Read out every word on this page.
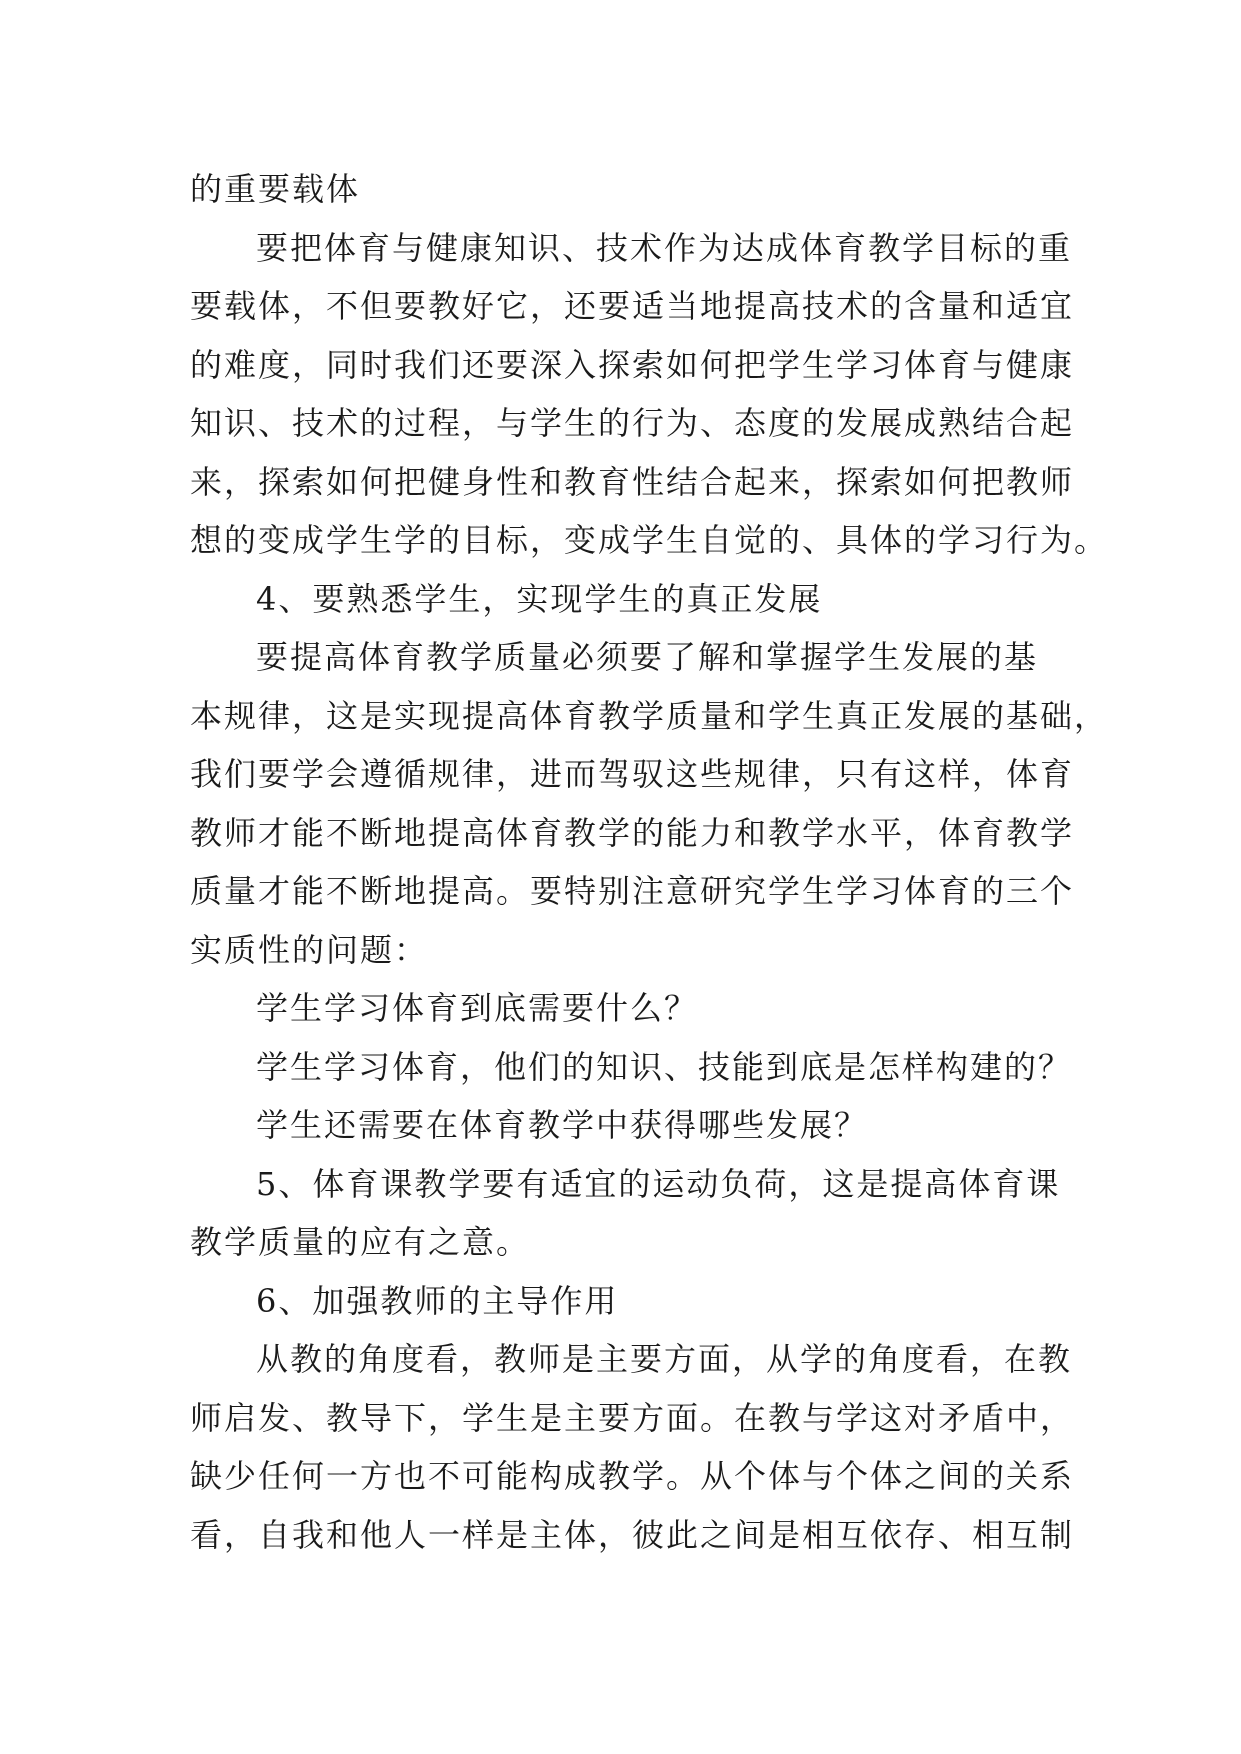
的重要载体
要把体育与健康知识、技术作为达成体育教学目标的重
要载体，不但要教好它，还要适当地提高技术的含量和适宜
的难度，同时我们还要深入探索如何把学生学习体育与健康
知识、技术的过程，与学生的行为、态度的发展成熟结合起
来，探索如何把健身性和教育性结合起来，探索如何把教师
想的变成学生学的目标，变成学生自觉的、具体的学习行为。
4、要熟悉学生，实现学生的真正发展
要提高体育教学质量必须要了解和掌握学生发展的基
本规律，这是实现提高体育教学质量和学生真正发展的基础，
我们要学会遵循规律，进而驾驭这些规律，只有这样，体育
教师才能不断地提高体育教学的能力和教学水平，体育教学
质量才能不断地提高。要特别注意研究学生学习体育的三个
实质性的问题：
学生学习体育到底需要什么？
学生学习体育，他们的知识、技能到底是怎样构建的？
学生还需要在体育教学中获得哪些发展？
5、体育课教学要有适宜的运动负荷，这是提高体育课
教学质量的应有之意。
6、加强教师的主导作用
从教的角度看，教师是主要方面，从学的角度看，在教
师启发、教导下，学生是主要方面。在教与学这对矛盾中，
缺少任何一方也不可能构成教学。从个体与个体之间的关系
看，自我和他人一样是主体，彼此之间是相互依存、相互制
